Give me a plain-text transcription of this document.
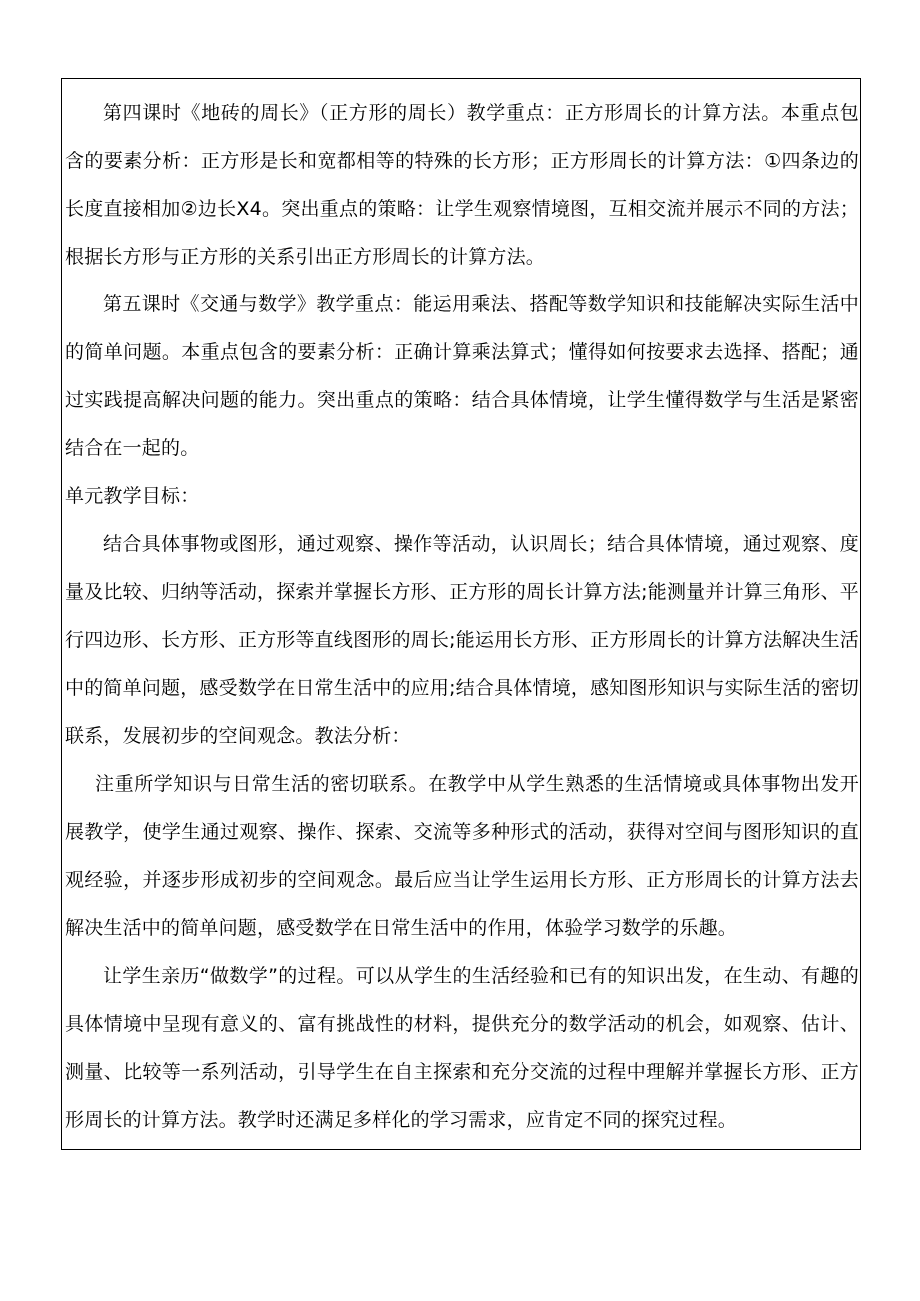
第四课时《地砖的周长》（正方形的周长）教学重点：正方形周长的计算方法。本重点包含的要素分析：正方形是长和宽都相等的特殊的长方形；正方形周长的计算方法：①四条边的长度直接相加②边长X4。突出重点的策略：让学生观察情境图，互相交流并展示不同的方法；根据长方形与正方形的关系引出正方形周长的计算方法。

第五课时《交通与数学》教学重点：能运用乘法、搭配等数学知识和技能解决实际生活中的简单问题。本重点包含的要素分析：正确计算乘法算式；懂得如何按要求去选择、搭配；通过实践提高解决问题的能力。突出重点的策略：结合具体情境，让学生懂得数学与生活是紧密结合在一起的。

单元教学目标：

结合具体事物或图形，通过观察、操作等活动，认识周长；结合具体情境，通过观察、度量及比较、归纳等活动，探索并掌握长方形、正方形的周长计算方法;能测量并计算三角形、平行四边形、长方形、正方形等直线图形的周长;能运用长方形、正方形周长的计算方法解决生活中的简单问题，感受数学在日常生活中的应用;结合具体情境，感知图形知识与实际生活的密切联系，发展初步的空间观念。教法分析：

注重所学知识与日常生活的密切联系。在教学中从学生熟悉的生活情境或具体事物出发开展教学，使学生通过观察、操作、探索、交流等多种形式的活动，获得对空间与图形知识的直观经验，并逐步形成初步的空间观念。最后应当让学生运用长方形、正方形周长的计算方法去解决生活中的简单问题，感受数学在日常生活中的作用，体验学习数学的乐趣。

让学生亲历“做数学”的过程。可以从学生的生活经验和已有的知识出发，在生动、有趣的具体情境中呈现有意义的、富有挑战性的材料，提供充分的数学活动的机会，如观察、估计、测量、比较等一系列活动，引导学生在自主探索和充分交流的过程中理解并掌握长方形、正方形周长的计算方法。教学时还满足多样化的学习需求，应肯定不同的探究过程。
